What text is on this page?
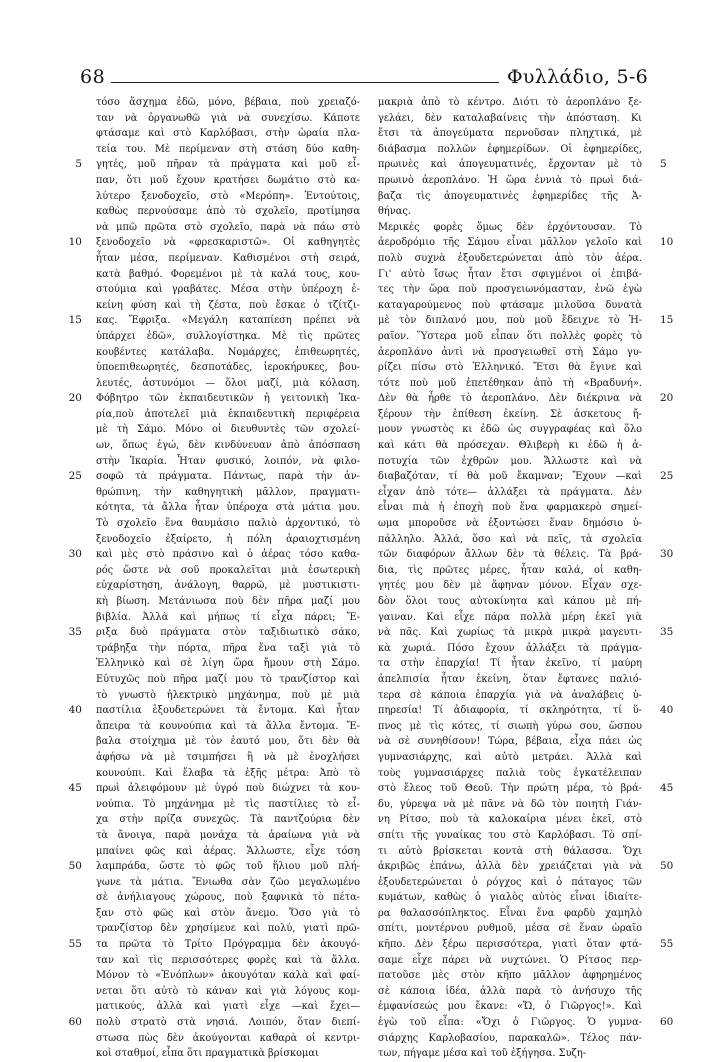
68	Φυλλάδιο, 5-6
5
10
15
20
25
30
35
40
45
50
55
60
τόσο ἄσχημα ἐδῶ, μόνο, βέβαια, ποὺ χρειαζό-
ταν νὰ ὀργανωθῶ γιὰ νὰ συνεχίσω. Κάποτε
φτάσαμε καὶ στὸ Καρλόβασι, στὴν ὡραία πλα-
τεία του. Μὲ περίμεναν στὴ στάση δύο καθη-
γητές, μοῦ πῆραν τὰ πράγματα καὶ μοῦ εἶ-
παν, ὅτι μοῦ ἔχουν κρατήσει δωμάτιο στὸ κα-
λύτερο ξενοδοχεῖο, στὸ «Μερόπη». Ἐντούτοις,
καθὼς περνούσαμε ἀπὸ τὸ σχολεῖο, προτίμησα
νὰ μπῶ πρῶτα στὸ σχολεῖο, παρὰ νὰ πάω στὸ
ξενοδοχεῖο νὰ «φρεσκαριστῶ». Οἱ καθηγητὲς
ἦταν μέσα, περίμεναν. Καθισμένοι στὴ σειρά,
κατὰ βαθμό. Φορεμένοι μὲ τὰ καλά τους, κου-
στούμια καὶ γραβάτες. Μέσα στὴν ὑπέροχη ἐ-
κείνη φύση καὶ τὴ ζέστα, ποὺ ἔσκαε ὁ τζίτζι-
κας. Ἔφριξα. «Μεγάλη καταπίεση πρέπει νὰ
ὑπάρχει ἐδῶ», συλλογίστηκα. Μὲ τὶς πρῶτες
κουβέντες κατάλαβα. Νομάρχες, ἐπιθεωρητές,
ὑποεπιθεωρητές, δεσποτάδες, ἱεροκήρυκες, βου-
λευτές, ἀστυνόμοι — ὅλοι μαζί, μιὰ κόλαση.
Φόβητρο τῶν ἐκπαιδευτικῶν ἡ γειτονικὴ Ἰκα-
ρία,ποὺ ἀποτελεῖ μιὰ ἐκπαιδευτικὴ περιφέρεια
μὲ τὴ Σάμο. Μόνο οἱ διευθυντὲς τῶν σχολεί-
ων, ὅπως ἐγώ, δὲν κινδύνευαν ἀπὸ ἀπόσπαση
στὴν Ἰκαρία. Ἦταν φυσικό, λοιπόν, νὰ φιλο-
σοφῶ τὰ πράγματα. Πάντως, παρὰ τὴν ἀν-
θρώπινη, τὴν καθηγητικὴ μᾶλλον, πραγματι-
κότητα, τὰ ἄλλα ἦταν ὑπέροχα στὰ μάτια μου.
Τὸ σχολεῖο ἕνα θαυμάσιο παλιὸ ἀρχοντικό, τὸ
ξενοδοχεῖο ἐξαίρετο, ἡ πόλη ἀραιοχτισμένη
καὶ μὲς στὸ πράσινο καὶ ὁ ἀέρας τόσο καθα-
ρός ὥστε νὰ σοῦ προκαλεῖται μιὰ ἐσωτερικὴ
εὐχαρίστηση, ἀνάλογη, θαρρῶ, μὲ μυστικιστι-
κὴ βίωση. Μετάνιωσα ποὺ δὲν πῆρα μαζί μου
βιβλία. Ἀλλὰ καὶ μήπως τί εἶχα πάρει; Ἔ-
ριξα δυὸ πράγματα στὸν ταξιδιωτικὸ σάκο,
τράβηξα τὴν πόρτα, πῆρα ἕνα ταξὶ γιὰ τὸ
Ἑλληνικὸ καὶ σὲ λίγη ὥρα ἤμουν στὴ Σάμο.
Εὐτυχῶς ποὺ πῆρα μαζί μου τὸ τρανζίστορ καὶ
τὸ γνωστὸ ἠλεκτρικὸ μηχάνημα, ποὺ μὲ μιὰ
παστίλια ἐξουδετερώνει τὰ ἔντομα. Καὶ ἦταν
ἄπειρα τὰ κουνούπια καὶ τὰ ἄλλα ἔντομα. Ἔ-
βαλα στοίχημα μὲ τὸν ἑαυτό μου, ὅτι δὲν θὰ
ἀφήσω νὰ μὲ τσιμπήσει ἢ νὰ μὲ ἐνοχλήσει
κουνούπι. Καὶ ἔλαβα τὰ ἑξῆς μέτρα: Ἀπὸ τὸ
πρωὶ ἀλειφόμουν μὲ ὑγρό ποὺ διώχνει τὰ κου-
νούπια. Τὸ μηχάνημα μὲ τὶς παστίλιες τὸ εἶ-
χα στὴν πρίζα συνεχῶς. Τὰ παντζούρια δὲν
τὰ ἄνοιγα, παρὰ μονάχα τὰ ἀραίωνα γιὰ νὰ
μπαίνει φῶς καὶ ἀέρας. Ἄλλωστε, εἶχε τόση
λαμπράδα, ὥστε τὸ φῶς τοῦ ἥλιου μοῦ πλή-
γωνε τὰ μάτια. Ἔνιωθα σὰν ζῶο μεγαλωμένο
σὲ ἀνήλιαγους χώρους, ποὺ ξαφνικὰ τὸ πέτα-
ξαν στὸ φῶς καὶ στὸν ἄνεμο. Ὅσο γιὰ τὸ
τρανζίστορ δὲν χρησίμευε καὶ πολύ, γιατὶ πρῶ-
τα πρῶτα τὸ Τρίτο Πρόγραμμα δὲν ἀκουγό-
ταν καὶ τὶς περισσότερες φορὲς καὶ τὰ ἄλλα.
Μόνον τὸ «Ἐνόπλων» ἀκουγόταν καλὰ καὶ φαί-
νεται ὅτι αὐτὸ τὸ κάναν καὶ γιὰ λόγους κομ-
ματικούς, ἀλλὰ καὶ γιατὶ εἶχε —καὶ ἔχει—
πολὺ στρατὸ στὰ νησιά. Λοιπόν, ὅταν διεπί-
στωσα πὼς δὲν ἀκούγονται καθαρὰ οἱ κεντρι-
κοὶ σταθμοί, εἶπα ὅτι πραγματικὰ βρίσκομαι
μακριὰ ἀπὸ τὸ κέντρο. Διότι τὸ ἀεροπλάνο ξε-
γελάει, δὲν καταλαβαίνεις τὴν ἀπόσταση. Κι
ἔτσι τὰ ἀπογεύματα περνοῦσαν πληχτικά, μὲ
διάβασμα πολλῶν ἐφημερίδων. Οἱ ἐφημερίδες,
πρωινὲς καὶ ἀπογευματινές, ἔρχονταν μὲ τὸ
πρωινὸ ἀεροπλάνο. Ἡ ὥρα ἐννιὰ τὸ πρωὶ διά-
βαζα τὶς ἀπογευματινὲς ἐφημερίδες τῆς Ἀ-
θήνας.
Μερικὲς φορὲς ὅμως δὲν ἐρχόντουσαν. Τὸ
ἀεροδρόμιο τῆς Σάμου εἶναι μᾶλλον γελοῖο καὶ
πολὺ συχνὰ ἐξουδετερώνεται ἀπὸ τὸν ἀέρα.
Γι' αὐτὸ ἴσως ἦταν ἔτσι σφιγμένοι οἱ ἐπιβά-
τες τὴν ὥρα ποὺ προσγειωνόμασταν, ἐνῶ ἐγὼ
καταγαρούμενος ποὺ φτάσαμε μιλοῦσα δυνατὰ
μὲ τὸν διπλανό μου, ποὺ μοῦ ἔδειχνε τὸ Ἡ-
ραῖον. Ὕστερα μοῦ εἶπαν ὅτι πολλὲς φορὲς τὸ
ἀεροπλάνο ἀντὶ νὰ προσγειωθεῖ στὴ Σάμο γυ-
ρίζει πίσω στὸ Ἑλληνικό. Ἔτσι θὰ ἔγινε καὶ
τότε ποὺ μοῦ ἐπετέθηκαν ἀπὸ τὴ «Βραδυνή».
Δὲν θὰ ἦρθε τὸ ἀεροπλάνο. Δὲν διέκρινα νὰ
ξέρουν τὴν ἐπίθεση ἐκείνη. Σὲ ἀσκετους ἤ-
μουν γνωστὸς κι ἐδῶ ὡς συγγραφέας καὶ ὅλο
καὶ κάτι θὰ πρόσεχαν. Θλιβερὴ κι ἐδῶ ἡ ἀ-
ποτυχία τῶν ἐχθρῶν μου. Ἄλλωστε καὶ νὰ
διαβαζόταν, τί θὰ μοῦ ἔκαμναν; Ἔχουν —καὶ
εἶχαν ἀπὸ τότε— ἀλλάξει τὰ πράγματα. Δὲν
εἶναι πιὰ ἡ ἐποχὴ ποὺ ἕνα φαρμακερὸ σημεί-
ωμα μποροῦσε νὰ ἐξοντώσει ἕναν δημόσιο ὑ-
πάλληλο. Ἀλλά, ὅσο καὶ νὰ πεῖς, τὰ σχολεῖα
τῶν διαφόρων ἄλλων δὲν τὰ θέλεις. Τὰ βρά-
δια, τὶς πρῶτες μέρες, ἦταν καλά, οἱ καθη-
γητές μου δὲν μὲ ἄφηναν μόνον. Εἶχαν σχε-
δὸν ὅλοι τους αὐτοκίνητα καὶ κάπου μὲ πή-
γαιναν. Καὶ εἶχε πάρα πολλὰ μέρη ἐκεῖ γιὰ
νὰ πᾶς. Καὶ χωρίως τὰ μικρὰ μικρὰ μαγευτι-
κὰ χωριά. Πόσο ἔχουν ἀλλάξει τὰ πράγμα-
τα στὴν ἐπαρχία! Τί ἦταν ἐκεῖνο, τί μαύρη
ἀπελπισία ἦταν ἐκείνη, ὅταν ἔφτανες παλιό-
τερα σὲ κάποια ἐπαρχία γιὰ νὰ ἀναλάβεις ὑ-
πηρεσία! Τί ἀδιαφορία, τί σκληρότητα, τί ὕ-
πνος μὲ τὶς κότες, τί σιωπὴ γύρω σου, ὥσπου
νὰ σὲ συνηθίσουν! Τώρα, βέβαια, εἶχα πάει ὡς
γυμνασιάρχης, καὶ αὐτὸ μετράει. Ἀλλὰ καὶ
τοὺς γυμνασιάρχες παλιὰ τοὺς ἐγκατέλειπαν
στὸ ἔλεος τοῦ Θεοῦ. Τὴν πρώτη μέρα, τὸ βρά-
δυ, γύρεψα νὰ μὲ πᾶνε νὰ δῶ τὸν ποιητὴ Γιάν-
νη Ρίτσο, ποὺ τὰ καλοκαίρια μένει ἐκεῖ, στὸ
σπίτι τῆς γυναίκας του στὸ Καρλόβασι. Τὸ σπί-
τι αὐτὸ βρίσκεται κοντὰ στὴ θάλασσα. Ὄχι
ἀκριβῶς ἐπάνω, ἀλλὰ δὲν χρειάζεται γιὰ νὰ
ἐξουδετερώνεται ὁ ρόγχος καὶ ὁ πάταγος τῶν
κυμάτων, καθὼς ὁ γιαλὸς αὐτὸς εἶναι ἰδιαίτε-
ρα θαλασσόπληκτος. Εἶναι ἕνα φαρδὺ χαμηλὸ
σπίτι, μοντέρνου ρυθμοῦ, μέσα σὲ ἕναν ὡραῖο
κῆπο. Δὲν ξέρω περισσότερα, γιατὶ ὅταν φτά-
σαμε εἶχε πάρει νὰ νυχτώνει. Ὁ Ρίτσος περ-
πατοῦσε μὲς στὸν κῆπο μᾶλλον ἀφηρημένος
σὲ κάποια ἰδέα, ἀλλὰ παρὰ τὸ ἀνήσυχο τῆς
ἐμφανίσεώς μου ἔκανε: «Ὤ, ὁ Γιῶργος!». Καὶ
ἐγὼ τοῦ εἶπα: «Ὄχι ὁ Γιῶργος. Ὁ γυμνα-
σιάρχης Καρλοβασίου, παρακαλῶ». Τέλος πάν-
των, πήγαμε μέσα καὶ τοῦ ἐξήγησα. Συζη-
5
10
15
20
25
30
35
40
45
50
55
60
